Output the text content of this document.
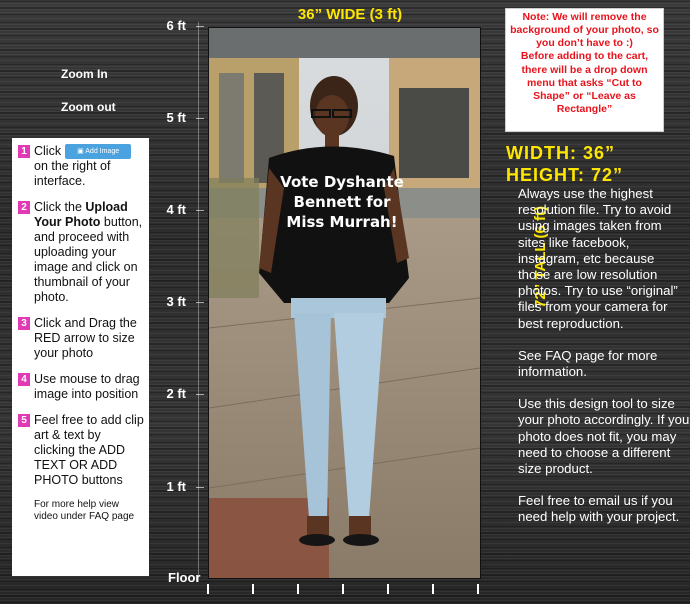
36” WIDE (3 ft)
Zoom In
Zoom out
6 ft
5 ft
4 ft
3 ft
2 ft
1 ft
Floor
Vote Dyshante
Bennett for
Miss Murrah!	72” TALL (6 ft)

Note: We will remove the background of your photo, so you don’t have to :)

Before adding to the cart, there will be a drop down menu that asks “Cut to Shape” or “Leave as Rectangle”

WIDTH: 36”
HEIGHT: 72”

Always use the highest resolution file. Try to avoid using images taken from sites like facebook, instagram, etc because those are low resolution photos. Try to use “original” files from your camera for best reproduction.

See FAQ page for more information.

Use this design tool to size your photo accordingly. If you photo does not fit, you may need to choose a different size product.

Feel free to email us if you need help with your project.

1 Click ▣ Add Image on the right of interface.
2 Click the Upload Your Photo button, and proceed with uploading your image and click on thumbnail of your photo.
3 Click and Drag the RED arrow to size your photo
4 Use mouse to drag image into position
5 Feel free to add clip art & text by clicking the ADD TEXT OR ADD PHOTO buttons
For more help view video under FAQ page
